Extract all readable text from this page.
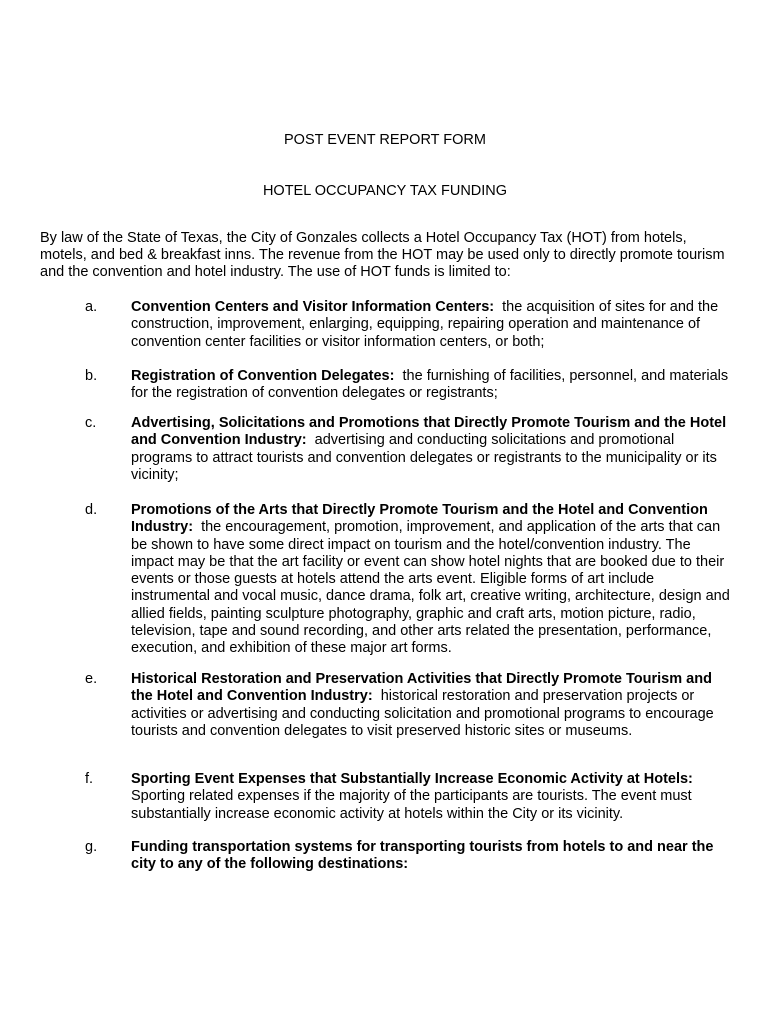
POST EVENT REPORT FORM
HOTEL OCCUPANCY TAX FUNDING
By law of the State of Texas, the City of Gonzales collects a Hotel Occupancy Tax (HOT) from hotels, motels, and bed & breakfast inns. The revenue from the HOT may be used only to directly promote tourism and the convention and hotel industry. The use of HOT funds is limited to:
a. Convention Centers and Visitor Information Centers: the acquisition of sites for and the construction, improvement, enlarging, equipping, repairing operation and maintenance of convention center facilities or visitor information centers, or both;
b. Registration of Convention Delegates: the furnishing of facilities, personnel, and materials for the registration of convention delegates or registrants;
c. Advertising, Solicitations and Promotions that Directly Promote Tourism and the Hotel and Convention Industry: advertising and conducting solicitations and promotional programs to attract tourists and convention delegates or registrants to the municipality or its vicinity;
d. Promotions of the Arts that Directly Promote Tourism and the Hotel and Convention Industry: the encouragement, promotion, improvement, and application of the arts that can be shown to have some direct impact on tourism and the hotel/convention industry. The impact may be that the art facility or event can show hotel nights that are booked due to their events or those guests at hotels attend the arts event. Eligible forms of art include instrumental and vocal music, dance drama, folk art, creative writing, architecture, design and allied fields, painting sculpture photography, graphic and craft arts, motion picture, radio, television, tape and sound recording, and other arts related the presentation, performance, execution, and exhibition of these major art forms.
e. Historical Restoration and Preservation Activities that Directly Promote Tourism and the Hotel and Convention Industry: historical restoration and preservation projects or activities or advertising and conducting solicitation and promotional programs to encourage tourists and convention delegates to visit preserved historic sites or museums.
f.	Sporting Event Expenses that Substantially Increase Economic Activity at Hotels:  Sporting related expenses if the majority of the participants are tourists. The event must substantially increase economic activity at hotels within the City or its vicinity.
g. Funding transportation systems for transporting tourists from hotels to and near the city to any of the following destinations:
